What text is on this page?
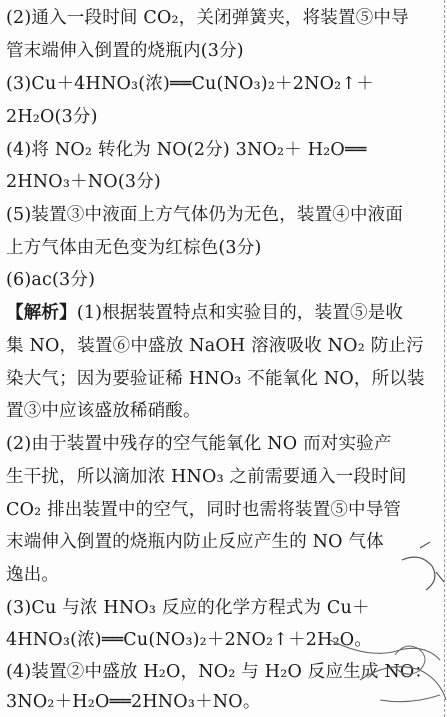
(2)通入一段时间 CO₂，关闭弹簧夹，将装置⑤中导
管末端伸入倒置的烧瓶内(3分)
(3)Cu＋4HNO₃(浓)══Cu(NO₃)₂＋2NO₂↑＋
2H₂O(3分)
(4)将 NO₂ 转化为 NO(2分) 3NO₂＋ H₂O══
2HNO₃＋NO(3分)
(5)装置③中液面上方气体仍为无色，装置④中液面
上方气体由无色变为红棕色(3分)
(6)ac(3分)
【解析】(1)根据装置特点和实验目的，装置⑤是收
集 NO，装置⑥中盛放 NaOH 溶液吸收 NO₂ 防止污
染大气；因为要验证稀 HNO₃ 不能氧化 NO，所以装
置③中应该盛放稀硝酸。
(2)由于装置中残存的空气能氧化 NO 而对实验产
生干扰，所以滴加浓 HNO₃ 之前需要通入一段时间
CO₂ 排出装置中的空气，同时也需将装置⑤中导管
末端伸入倒置的烧瓶内防止反应产生的 NO 气体
逸出。
(3)Cu 与浓 HNO₃ 反应的化学方程式为 Cu＋
4HNO₃(浓)══Cu(NO₃)₂＋2NO₂↑＋2H₂O。
(4)装置②中盛放 H₂O，NO₂ 与 H₂O 反应生成 NO：
3NO₂＋H₂O══2HNO₃＋NO。
